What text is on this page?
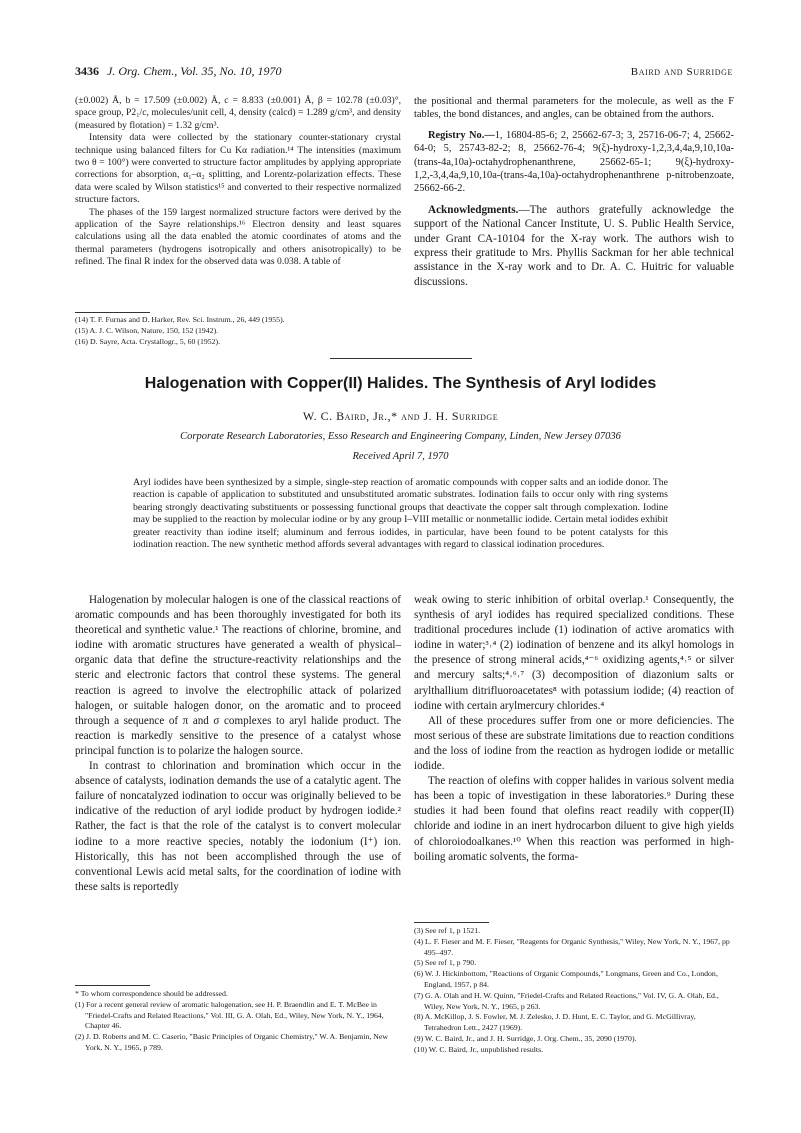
3436 J. Org. Chem., Vol. 35, No. 10, 1970	Baird and Surridge

(±0.002) Å, b = 17.509 (±0.002) Å, c = 8.833 (±0.001) Å, β = 102.78 (±0.03)°, space group, P2₁/c, molecules/unit cell, 4, density (calcd) = 1.289 g/cm³, and density (measured by flotation) = 1.32 g/cm³.

Intensity data were collected by the stationary counter-stationary crystal technique using balanced filters for Cu Kα radiation.¹⁴ The intensities (maximum two θ = 100°) were converted to structure factor amplitudes by applying appropriate corrections for absorption, α₁–α₂ splitting, and Lorentz-polarization effects. These data were scaled by Wilson statistics¹⁵ and converted to their respective normalized structure factors.

The phases of the 159 largest normalized structure factors were derived by the application of the Sayre relationships.¹⁶ Electron density and least squares calculations using all the data enabled the atomic coordinates of atoms and the thermal parameters (hydrogens isotropically and others anisotropically) to be refined. The final R index for the observed data was 0.038. A table of

(14) T. F. Furnas and D. Harker, Rev. Sci. Instrum., 26, 449 (1955).
(15) A. J. C. Wilson, Nature, 150, 152 (1942).
(16) D. Sayre, Acta. Crystallogr., 5, 60 (1952).

the positional and thermal parameters for the molecule, as well as the F tables, the bond distances, and angles, can be obtained from the authors.

Registry No.—1, 16804-85-6; 2, 25662-67-3; 3, 25716-06-7; 4, 25662-64-0; 5, 25743-82-2; 8, 25662-76-4; 9(ξ)-hydroxy-1,2,3,4,4a,9,10,10a-(trans-4a,10a)-octahydrophenanthrene, 25662-65-1; 9(ξ)-hydroxy-1,2,-3,4,4a,9,10,10a-(trans-4a,10a)-octahydrophenanthrene p-nitrobenzoate, 25662-66-2.

Acknowledgments.—The authors gratefully acknowledge the support of the National Cancer Institute, U. S. Public Health Service, under Grant CA-10104 for the X-ray work. The authors wish to express their gratitude to Mrs. Phyllis Sackman for her able technical assistance in the X-ray work and to Dr. A. C. Huitric for valuable discussions.

Halogenation with Copper(II) Halides. The Synthesis of Aryl Iodides
W. C. Baird, Jr.,* and J. H. Surridge
Corporate Research Laboratories, Esso Research and Engineering Company, Linden, New Jersey 07036
Received April 7, 1970
Aryl iodides have been synthesized by a simple, single-step reaction of aromatic compounds with copper salts and an iodide donor. The reaction is capable of application to substituted and unsubstituted aromatic substrates. Iodination fails to occur only with ring systems bearing strongly deactivating substituents or possessing functional groups that deactivate the copper salt through complexation. Iodine may be supplied to the reaction by molecular iodine or by any group I–VIII metallic or nonmetallic iodide. Certain metal iodides exhibit greater reactivity than iodine itself; aluminum and ferrous iodides, in particular, have been found to be potent catalysts for this iodination reaction. The new synthetic method affords several advantages with regard to classical iodination procedures.

Halogenation by molecular halogen is one of the classical reactions of aromatic compounds and has been thoroughly investigated for both its theoretical and synthetic value.¹ The reactions of chlorine, bromine, and iodine with aromatic structures have generated a wealth of physical–organic data that define the structure-reactivity relationships and the steric and electronic factors that control these systems. The general reaction is agreed to involve the electrophilic attack of polarized halogen, or suitable halogen donor, on the aromatic and to proceed through a sequence of π and σ complexes to aryl halide product. The reaction is markedly sensitive to the presence of a catalyst whose principal function is to polarize the halogen source.

In contrast to chlorination and bromination which occur in the absence of catalysts, iodination demands the use of a catalytic agent. The failure of noncatalyzed iodination to occur was originally believed to be indicative of the reduction of aryl iodide product by hydrogen iodide.² Rather, the fact is that the role of the catalyst is to convert molecular iodine to a more reactive species, notably the iodonium (I⁺) ion. Historically, this has not been accomplished through the use of conventional Lewis acid metal salts, for the coordination of iodine with these salts is reportedly

* To whom correspondence should be addressed.
(1) For a recent general review of aromatic halogenation, see H. P. Braendlin and E. T. McBee in "Friedel-Crafts and Related Reactions," Vol. III, G. A. Olah, Ed., Wiley, New York, N. Y., 1964, Chapter 46.
(2) J. D. Roberts and M. C. Caserio, "Basic Principles of Organic Chemistry," W. A. Benjamin, New York, N. Y., 1965, p 789.

weak owing to steric inhibition of orbital overlap.¹ Consequently, the synthesis of aryl iodides has required specialized conditions. These traditional procedures include (1) iodination of active aromatics with iodine in water;³˒⁴ (2) iodination of benzene and its alkyl homologs in the presence of strong mineral acids,⁴⁻⁶ oxidizing agents,⁴˒⁵ or silver and mercury salts;⁴˒⁶˒⁷ (3) decomposition of diazonium salts or arylthallium ditrifluoroacetates⁸ with potassium iodide; (4) reaction of iodine with certain arylmercury chlorides.⁴

All of these procedures suffer from one or more deficiencies. The most serious of these are substrate limitations due to reaction conditions and the loss of iodine from the reaction as hydrogen iodide or metallic iodide.

The reaction of olefins with copper halides in various solvent media has been a topic of investigation in these laboratories.⁹ During these studies it had been found that olefins react readily with copper(II) chloride and iodine in an inert hydrocarbon diluent to give high yields of chloroiodoalkanes.¹⁰ When this reaction was performed in high-boiling aromatic solvents, the forma-

(3) See ref 1, p 1521.
(4) L. F. Fieser and M. F. Fieser, "Reagents for Organic Synthesis," Wiley, New York, N. Y., 1967, pp 495–497.
(5) See ref 1, p 790.
(6) W. J. Hickinbottom, "Reactions of Organic Compounds," Longmans, Green and Co., London, England, 1957, p 84.
(7) G. A. Olah and H. W. Quinn, "Friedel-Crafts and Related Reactions," Vol. IV, G. A. Olah, Ed., Wiley, New York, N. Y., 1965, p 263.
(8) A. McKillop, J. S. Fowler, M. J. Zelesko, J. D. Hunt, E. C. Taylor, and G. McGillivray, Tetrahedron Lett., 2427 (1969).
(9) W. C. Baird, Jr., and J. H. Surridge, J. Org. Chem., 35, 2090 (1970).
(10) W. C. Baird, Jr., unpublished results.
